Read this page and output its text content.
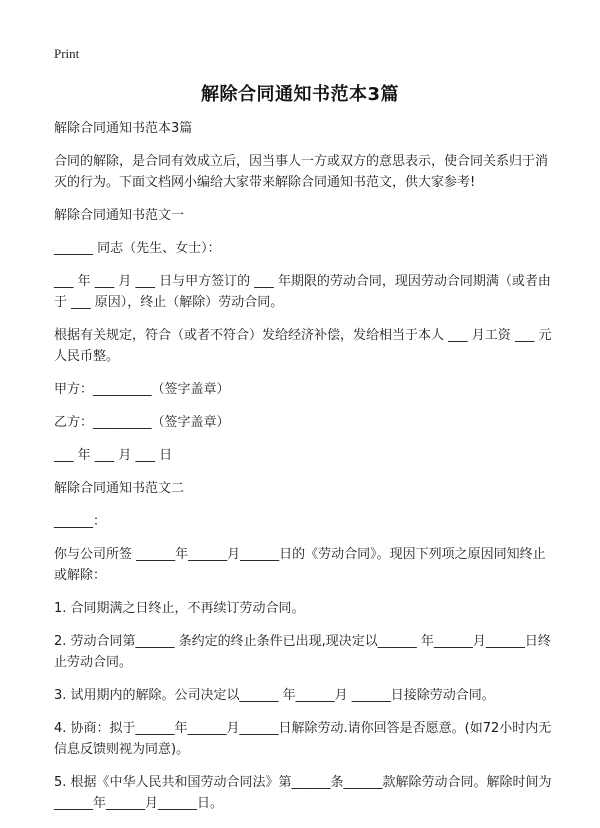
Print
解除合同通知书范本3篇

解除合同通知书范本3篇

合同的解除，是合同有效成立后，因当事人一方或双方的意思表示，使合同关系归于消灭的行为。下面文档网小编给大家带来解除合同通知书范文，供大家参考!

解除合同通知书范文一

______ 同志（先生、女士）：

___ 年 ___ 月 ___ 日与甲方签订的 ___ 年期限的劳动合同，现因劳动合同期满（或者由于 ___ 原因），终止（解除）劳动合同。

根据有关规定，符合（或者不符合）发给经济补偿，发给相当于本人 ___ 月工资 ___ 元人民币整。

甲方：_________（签字盖章）

乙方：_________（签字盖章）

___ 年 ___ 月 ___ 日

解除合同通知书范文二

______：

你与公司所签 ______年______月______日的《劳动合同》。现因下列项之原因同知终止或解除：

1. 合同期满之日终止，不再续订劳动合同。

2. 劳动合同第______ 条约定的终止条件已出现,现决定以______ 年______月______日终止劳动合同。

3. 试用期内的解除。公司决定以______ 年______月 ______日接除劳动合同。

4. 协商：拟于______年______月______日解除劳动.请你回答是否愿意。(如72小时内无信息反馈则视为同意)。

5. 根据《中华人民共和国劳动合同法》第______条______款解除劳动合同。解除时间为 ______年______月______日。
